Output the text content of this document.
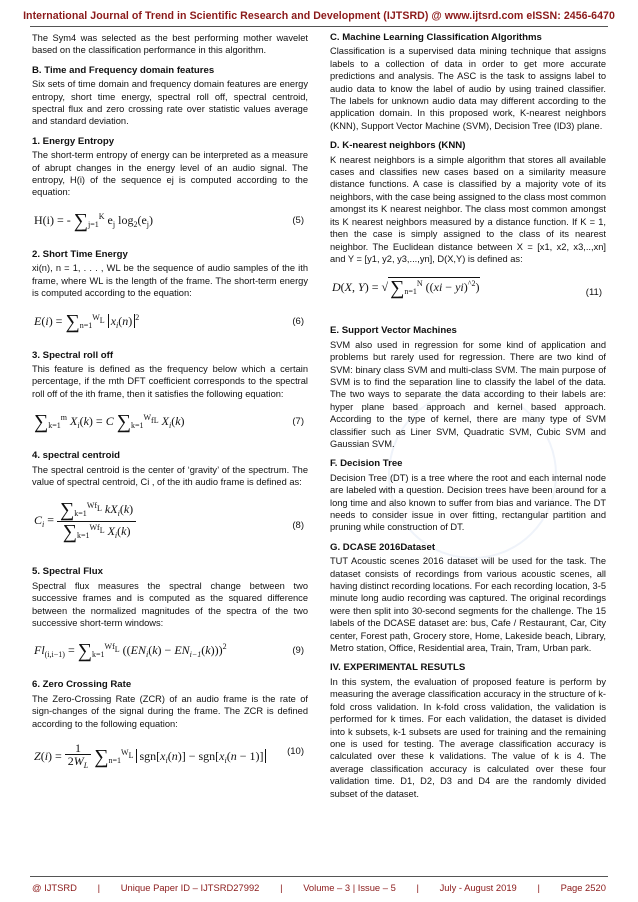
International Journal of Trend in Scientific Research and Development (IJTSRD) @ www.ijtsrd.com eISSN: 2456-6470

The Sym4 was selected as the best performing mother wavelet based on the classification performance in this algorithm.

B. Time and Frequency domain features

Six sets of time domain and frequency domain features are energy entropy, short time energy, spectral roll off, spectral centroid, spectral flux and zero crossing rate over statistic values average and standard deviation.

1. Energy Entropy

The short-term entropy of energy can be interpreted as a measure of abrupt changes in the energy level of an audio signal. The entropy, H(i) of the sequence ej is computed according to the equation:

H(i) = - $\sum_{j=1}^K$ $e_j$ $\log_2(e_j)$	(5)
2. Short Time Energy

xi(n), n = 1, . . . , WL be the sequence of audio samples of the ith frame, where WL is the length of the frame. The short-term energy is computed according to the equation:

$E(i) = \sum_{n=1}^{WL}$ $x_i(n)$ $^2$	(6)
3. Spectral roll off

This feature is defined as the frequency below which a certain percentage, if the mth DFT coefficient corresponds to the spectral roll off of the ith frame, then it satisfies the following equation:

$\sum_{k=1}^m$ $X_i(k) = C$ $\sum_{k=1}^{WfL}$ $X_i(k)$	(7)
4. spectral centroid

The spectral centroid is the center of ‘gravity’ of the spectrum. The value of spectral centroid, Ci , of the ith audio frame is defined as:

$C_i = \frac{\sum_{k=1}^{WfL} kX_i(k)}{\sum_{k=1}^{WfL} X_i(k)}$	(8)
5. Spectral Flux

Spectral flux measures the spectral change between two successive frames and is computed as the squared difference between the normalized magnitudes of the spectra of the two successive short-term windows:

$Fl_{(i,i-1)} = \sum_{k=1}^{WfL}$ $((EN_i(k) - EN_{i-1}(k)))^2$	(9)
6. Zero Crossing Rate

The Zero-Crossing Rate (ZCR) of an audio frame is the rate of sign-changes of the signal during the frame. The ZCR is defined according to the following equation:

$Z(i) = \frac{1}{2W_L} \sum_{n=1}^{WL}$ $sgn[x_i(n)] - sgn[x_i(n - 1)]$	(10)
C. Machine Learning Classification Algorithms

Classification is a supervised data mining technique that assigns labels to a collection of data in order to get more accurate predictions and analysis. The ASC is the task to assigns label to audio data to know the label of audio by using trained classifier. The labels for unknown audio data may different according to the application domain. In this proposed work, K-nearest neighbors (KNN), Support Vector Machine (SVM), Decision Tree (ID3) plane.

D. K-nearest neighbors (KNN)

K nearest neighbors is a simple algorithm that stores all available cases and classifies new cases based on a similarity measure distance functions. A case is classified by a majority vote of its neighbors, with the case being assigned to the class most common amongst its K nearest neighbor. The class most common amongst its K nearest neighbors measured by a distance function. If K = 1, then the case is simply assigned to the class of its nearest neighbor. The Euclidean distance between X = [x1, x2, x3,..,xn] and Y = [y1, y2, y3,...,yn], D(X,Y) is defined as:

D(X, Y) = √ $\sum_{n=1}^N$ ((xi − yi)$^{\^{}2}$)	(11)
E. Support Vector Machines

SVM also used in regression for some kind of application and problems but rarely used for regression. There are two kind of SVM: binary class SVM and multi-class SVM. The main purpose of SVM is to find the separation line to classify the label of the data. The two ways to separate the data according to their labels are: hyper plane based approach and kernel based approach. According to the type of kernel, there are many type of SVM classifier such as Liner SVM, Quadratic SVM, Cubic SVM and Gaussian SVM.

F. Decision Tree

Decision Tree (DT) is a tree where the root and each internal node are labeled with a question. Decision trees have been around for a long time and also known to suffer from bias and variance. The DT needs to consider issue in over fitting, rectangular partition and pruning while construction of DT.

G. DCASE 2016Dataset

TUT Acoustic scenes 2016 dataset will be used for the task. The dataset consists of recordings from various acoustic scenes, all having distinct recording locations. For each recording location, 3-5 minute long audio recording was captured. The original recordings were then split into 30-second segments for the challenge. The 15 labels of the DCASE dataset are: bus, Cafe / Restaurant, Car, City center, Forest path, Grocery store, Home, Lakeside beach, Library, Metro station, Office, Residential area, Train, Tram, Urban park.

IV. EXPERIMENTAL RESUTLS

In this system, the evaluation of proposed feature is perform by measuring the average classification accuracy in the structure of k-fold cross validation. In k-fold cross validation, the validation is performed for k times. For each validation, the dataset is divided into k subsets, k-1 subsets are used for training and the remaining one is used for testing. The average classification accuracy is calculated over these k validations. The value of k is 4. The average classification accuracy is calculated over these four validation time. D1, D2, D3 and D4 are the randomly divided subset of the dataset.

@ IJTSRD | Unique Paper ID – IJTSRD27992 | Volume – 3 | Issue – 5 | July - August 2019 | Page 2520
